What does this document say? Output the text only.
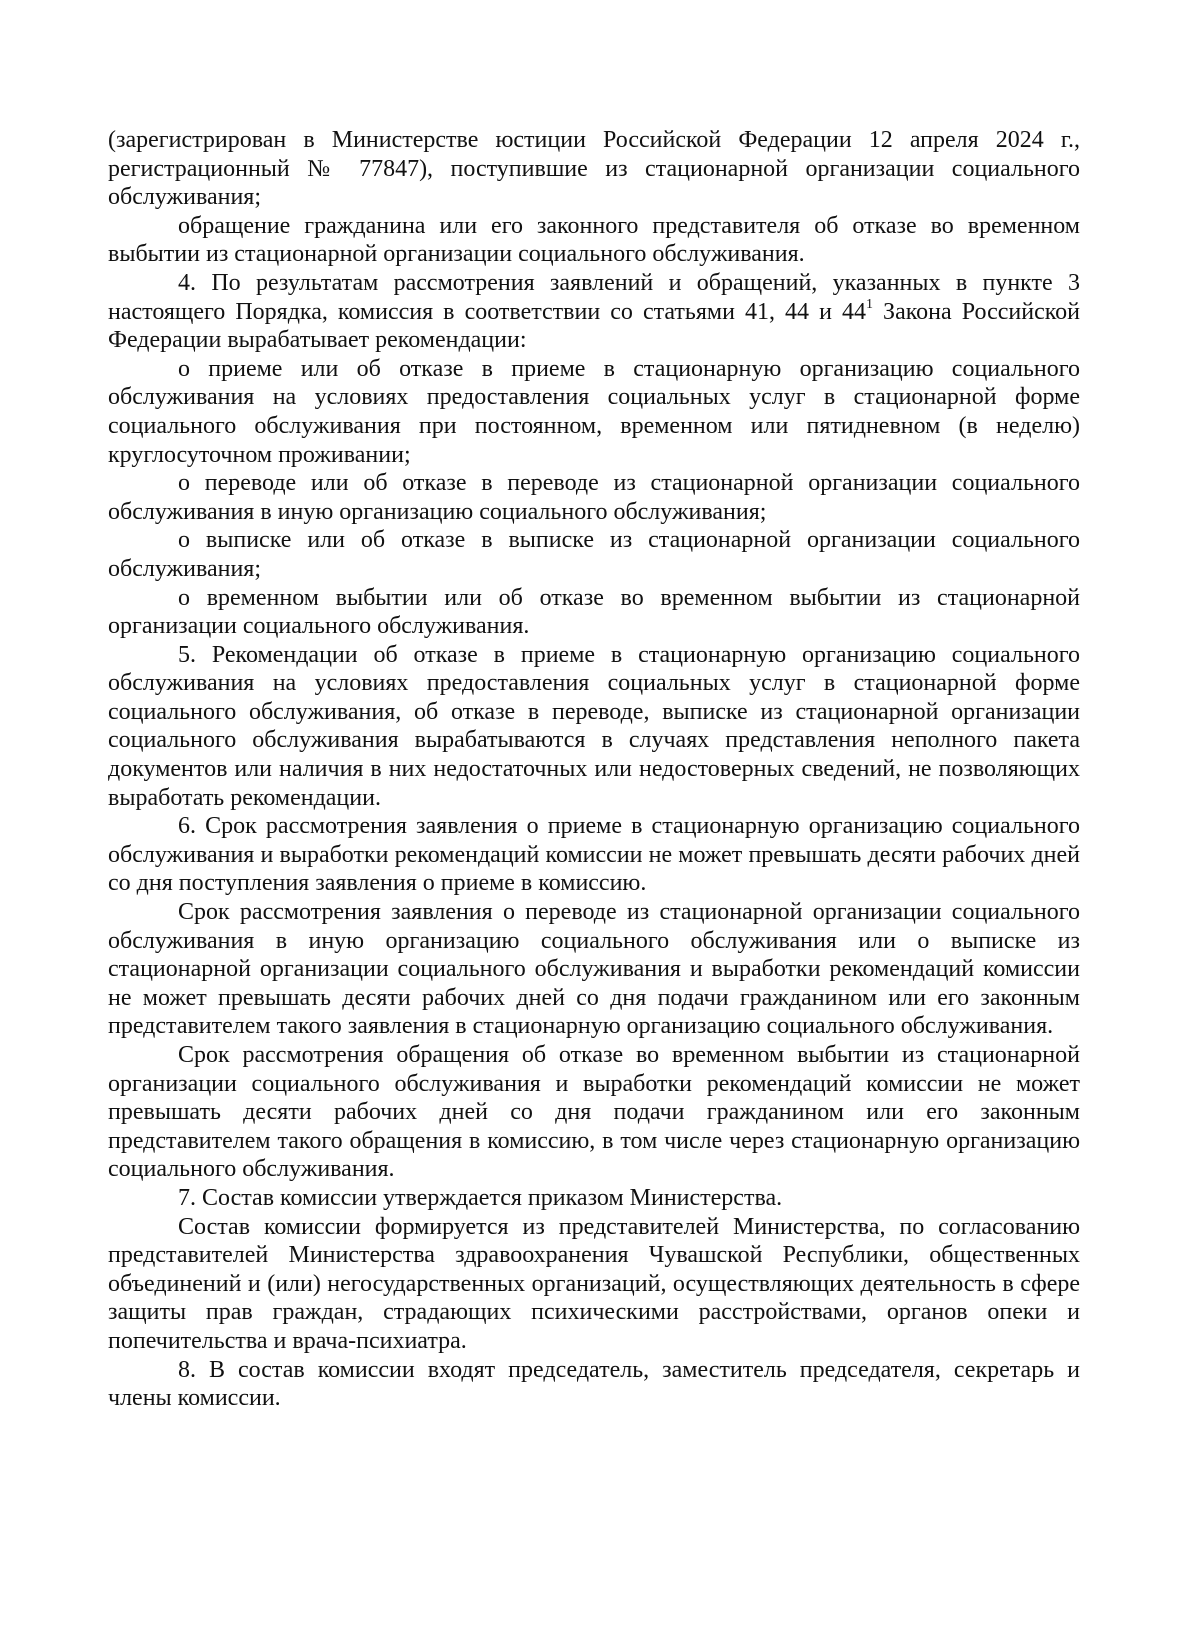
(зарегистрирован в Министерстве юстиции Российской Федерации 12 апреля 2024 г., регистрационный № 77847), поступившие из стационарной организации социального обслуживания;

обращение гражданина или его законного представителя об отказе во временном выбытии из стационарной организации социального обслуживания.

4. По результатам рассмотрения заявлений и обращений, указанных в пункте 3 настоящего Порядка, комиссия в соответствии со статьями 41, 44 и $44^1$ Закона Российской Федерации вырабатывает рекомендации:

о приеме или об отказе в приеме в стационарную организацию социального обслуживания на условиях предоставления социальных услуг в стационарной форме социального обслуживания при постоянном, временном или пятидневном (в неделю) круглосуточном проживании;

о переводе или об отказе в переводе из стационарной организации социального обслуживания в иную организацию социального обслуживания;

о выписке или об отказе в выписке из стационарной организации социального обслуживания;

о временном выбытии или об отказе во временном выбытии из стационарной организации социального обслуживания.

5. Рекомендации об отказе в приеме в стационарную организацию социального обслуживания на условиях предоставления социальных услуг в стационарной форме социального обслуживания, об отказе в переводе, выписке из стационарной организации социального обслуживания вырабатываются в случаях представления неполного пакета документов или наличия в них недостаточных или недостоверных сведений, не позволяющих выработать рекомендации.

6. Срок рассмотрения заявления о приеме в стационарную организацию социального обслуживания и выработки рекомендаций комиссии не может превышать десяти рабочих дней со дня поступления заявления о приеме в комиссию.

Срок рассмотрения заявления о переводе из стационарной организации социального обслуживания в иную организацию социального обслуживания или о выписке из стационарной организации социального обслуживания и выработки рекомендаций комиссии не может превышать десяти рабочих дней со дня подачи гражданином или его законным представителем такого заявления в стационарную организацию социального обслуживания.

Срок рассмотрения обращения об отказе во временном выбытии из стационарной организации социального обслуживания и выработки рекомендаций комиссии не может превышать десяти рабочих дней со дня подачи гражданином или его законным представителем такого обращения в комиссию, в том числе через стационарную организацию социального обслуживания.

7. Состав комиссии утверждается приказом Министерства.

Состав комиссии формируется из представителей Министерства, по согласованию представителей Министерства здравоохранения Чувашской Республики, общественных объединений и (или) негосударственных организаций, осуществляющих деятельность в сфере защиты прав граждан, страдающих психическими расстройствами, органов опеки и попечительства и врача-психиатра.

8. В состав комиссии входят председатель, заместитель председателя, секретарь и члены комиссии.
